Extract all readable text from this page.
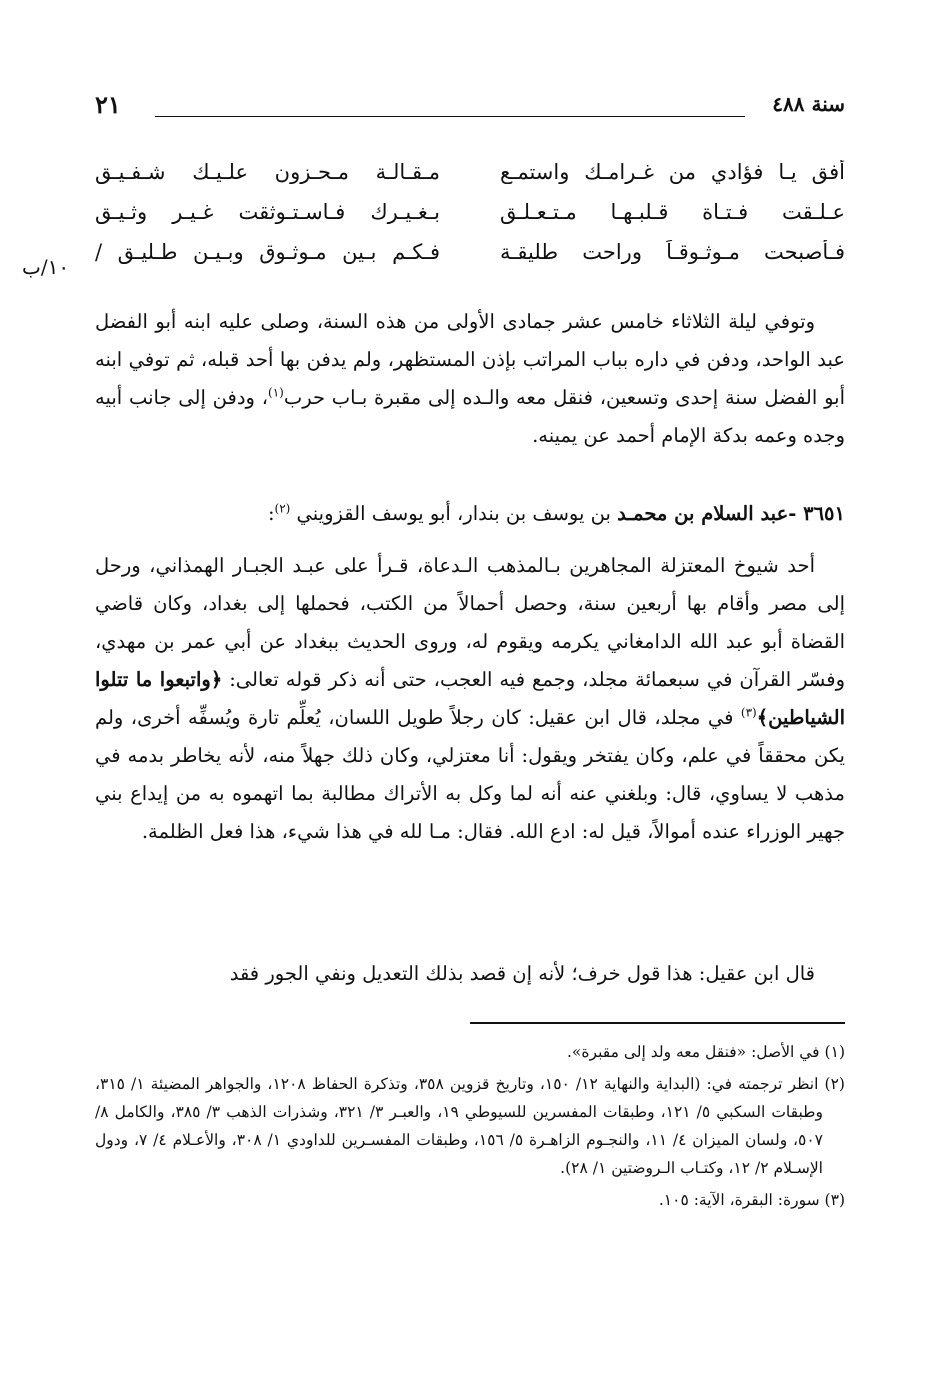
سنة ٤٨٨
٢١
أفق يـا فؤادي من غـرامـك واستمـع
مـقـالـة مـحـزون علـيـك شـفـيـق
عـلـقت فـتـاة قـلبـهـا مـتـعـلـق
بـغـيـرك فـاسـتـوثقت غـيـر وثـيـق
فـأصبحت مـوثـوقـاً وراحت طليقـة
فـكـم بـين مـوثـوقٍ وبـيـن طـليـق /
١٠/ب

وتوفي ليلة الثلاثاء خامس عشر جمادى الأولى من هذه السنة، وصلى عليه ابنه أبو الفضل عبد الواحد، ودفن في داره بباب المراتب بإذن المستظهر، ولم يدفن بها أحد قبله، ثم توفي ابنه أبو الفضل سنة إحدى وتسعين، فنقل معه والـده إلى مقبرة بـاب حرب$^{(١)}$، ودفن إلى جانب أبيه وجده وعمه بدكة الإمام أحمد عن يمينه.

٣٦٥١ -عبد السلام بن محمـد بن يوسف بن بندار، أبو يوسف القزويني $^{(٢)}$:

أحد شيوخ المعتزلة المجاهرين بـالمذهب الـدعاة، قـرأ على عبـد الجبـار الهمذاني، ورحل إلى مصر وأقام بها أربعين سنة، وحصل أحمالاً من الكتب، فحملها إلى بغداد، وكان قاضي القضاة أبو عبد الله الدامغاني يكرمه ويقوم له، وروى الحديث ببغداد عن أبي عمر بن مهدي، وفسّر القرآن في سبعمائة مجلد، وجمع فيه العجب، حتى أنه ذكر قوله تعالى: ﴿واتبعوا ما تتلوا الشياطين﴾$^{(٣)}$ في مجلد، قال ابن عقيل: كان رجلاً طويل اللسان، يُعلِّم تارة ويُسفِّه أخرى، ولم يكن محققاً في علم، وكان يفتخر ويقول: أنا معتزلي، وكان ذلك جهلاً منه، لأنه يخاطر بدمه في مذهب لا يساوي، قال: وبلغني عنه أنه لما وكل به الأتراك مطالبة بما اتهموه به من إيداع بني جهير الوزراء عنده أموالاً، قيل له: ادع الله. فقال: مـا لله في هذا شيء، هذا فعل الظلمة.

قال ابن عقيل: هذا قول خرف؛ لأنه إن قصد بذلك التعديل ونفي الجور فقد

(١) في الأصل: «فنقل معه ولد إلى مقبرة».

(٢) انظر ترجمته في: (البداية والنهاية ١٢/ ١٥٠، وتاريخ قزوين ٣٥٨، وتذكرة الحفاظ ١٢٠٨، والجواهر المضيئة ١/ ٣١٥، وطبقات السكبي ٥/ ١٢١، وطبقات المفسرين للسيوطي ١٩، والعبـر ٣/ ٣٢١، وشذرات الذهب ٣/ ٣٨٥، والكامل ٨/ ٥٠٧، ولسان الميزان ٤/ ١١، والنجـوم الزاهـرة ٥/ ١٥٦، وطبقات المفسـرين للداودي ١/ ٣٠٨، والأعـلام ٤/ ٧، ودول الإسـلام ٢/ ١٢، وكتـاب الـروضتين ١/ ٢٨).

(٣) سورة: البقرة، الآية: ١٠٥.
